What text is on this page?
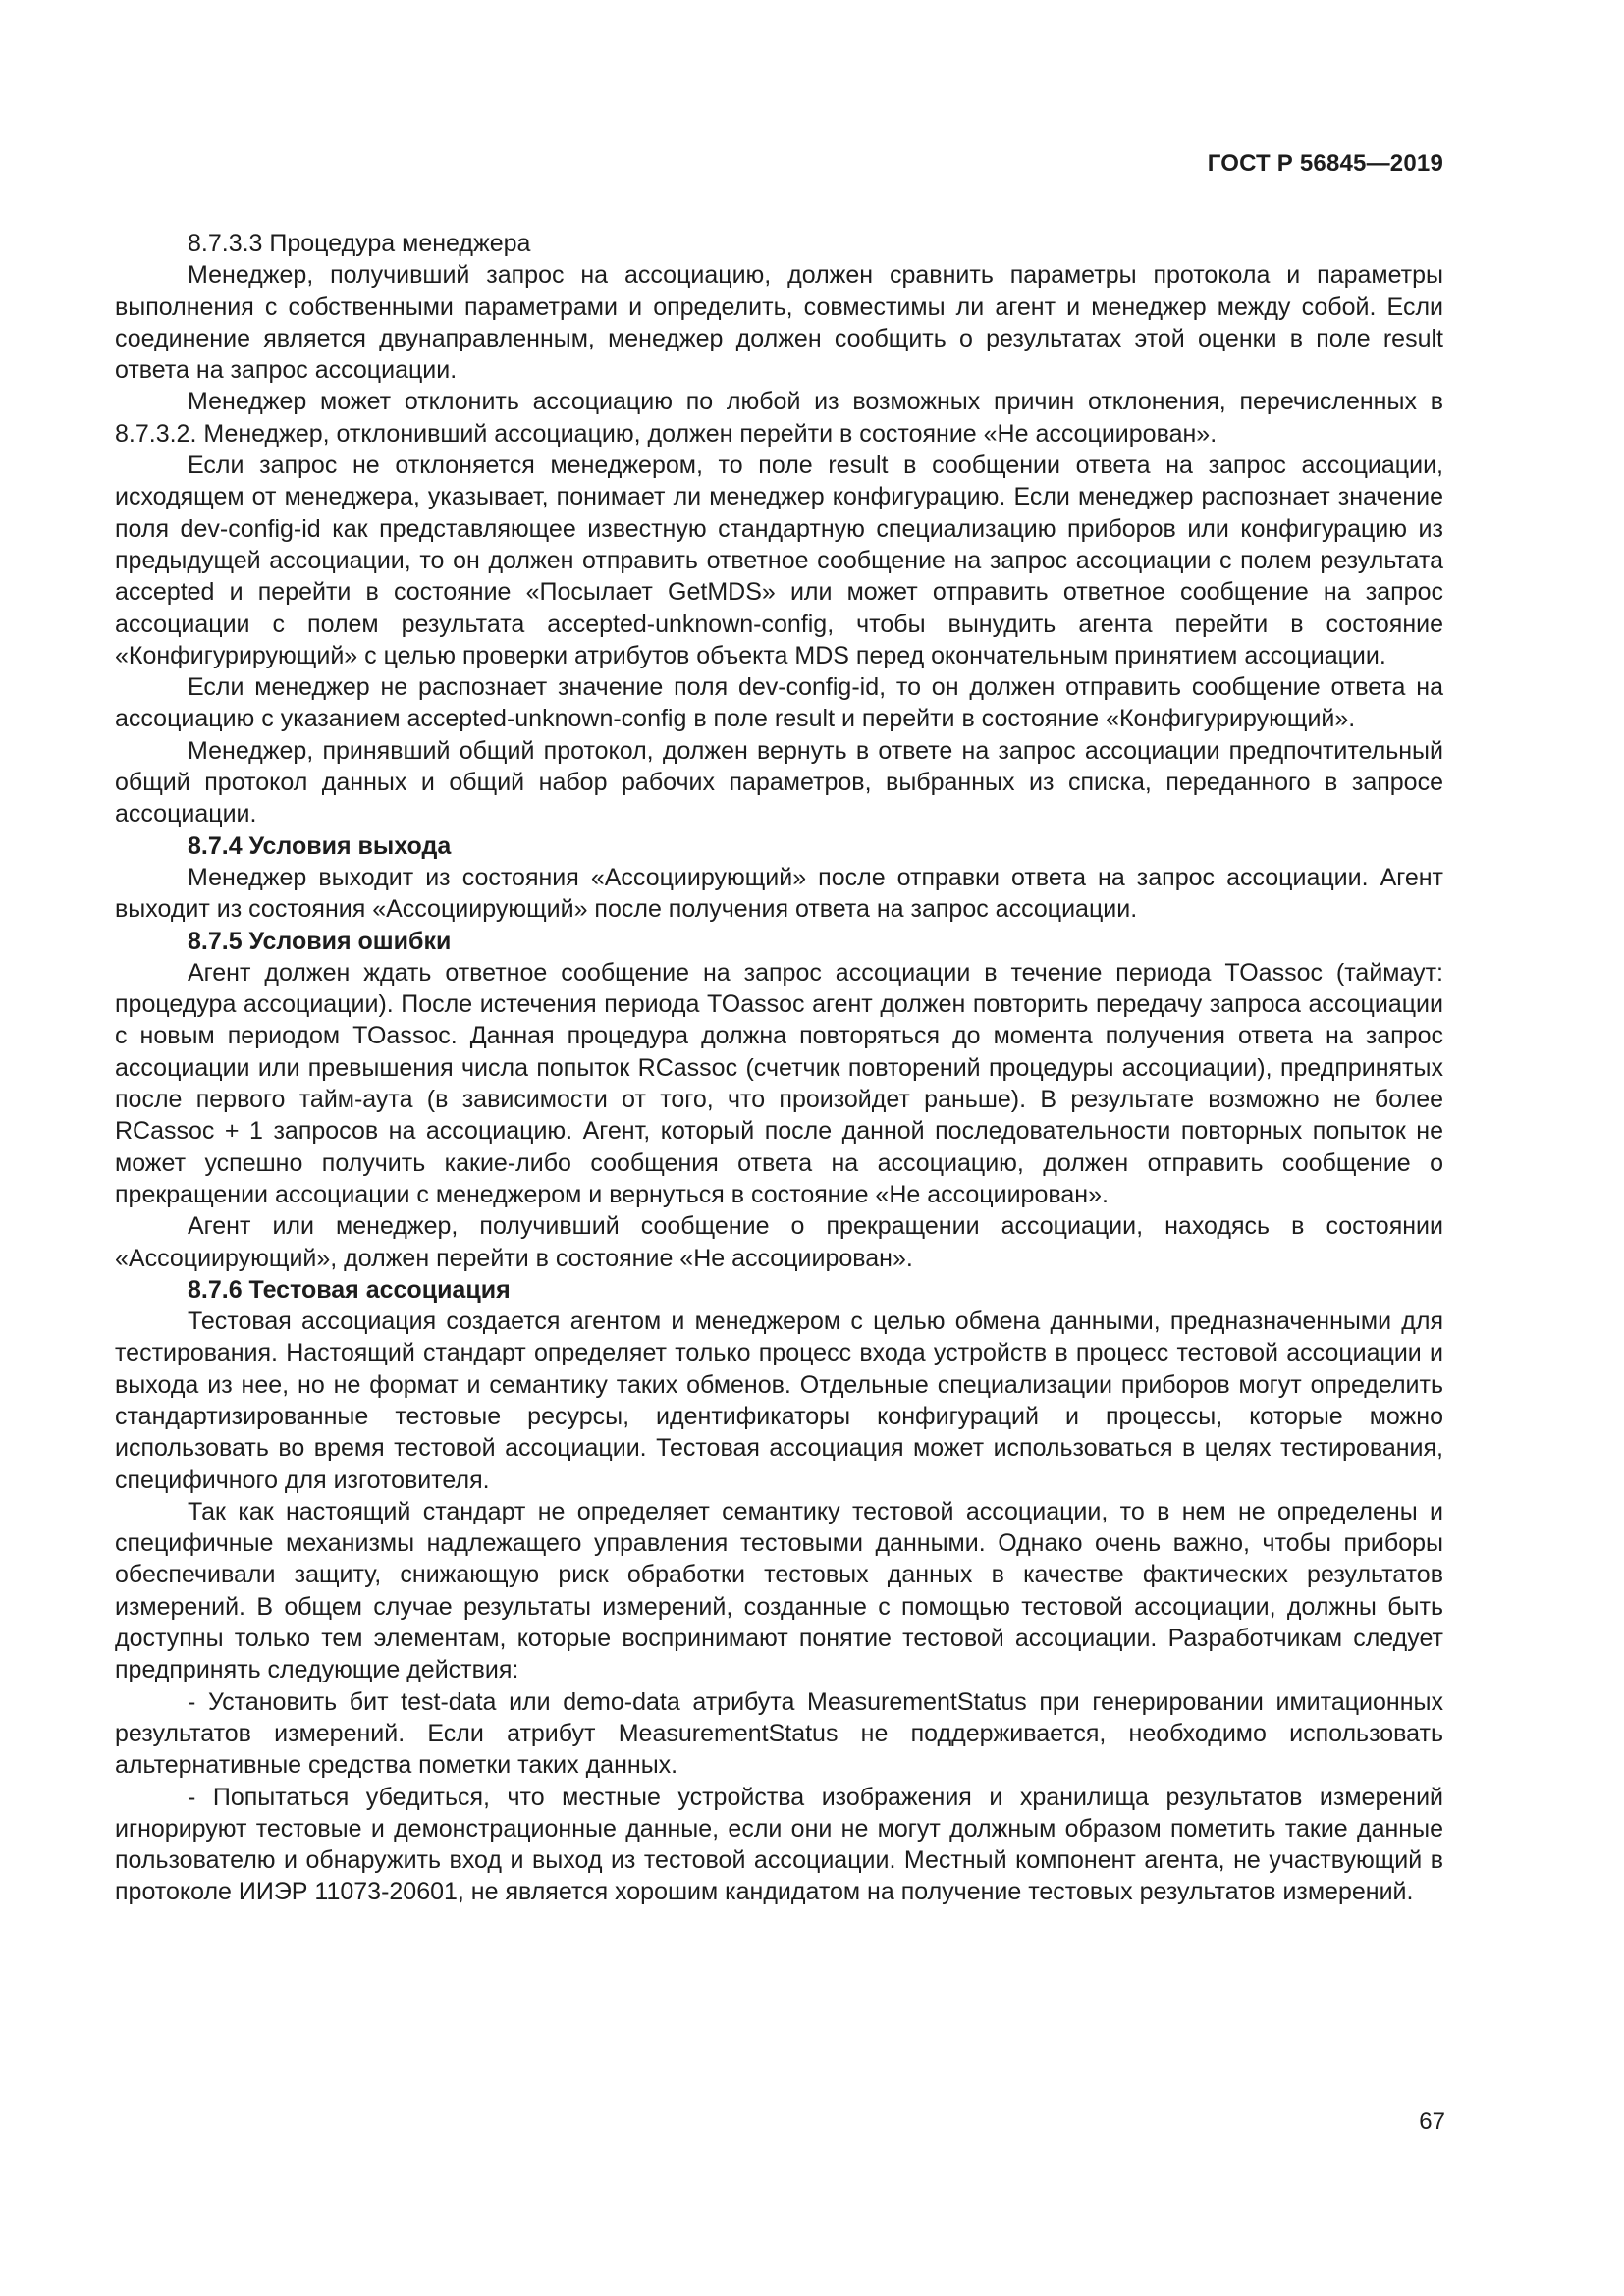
ГОСТ Р 56845—2019

8.7.3.3 Процедура менеджера

Менеджер, получивший запрос на ассоциацию, должен сравнить параметры протокола и параметры выполнения с собственными параметрами и определить, совместимы ли агент и менеджер между собой. Если соединение является двунаправленным, менеджер должен сообщить о результатах этой оценки в поле result ответа на запрос ассоциации.

Менеджер может отклонить ассоциацию по любой из возможных причин отклонения, перечисленных в 8.7.3.2. Менеджер, отклонивший ассоциацию, должен перейти в состояние «Не ассоциирован».

Если запрос не отклоняется менеджером, то поле result в сообщении ответа на запрос ассоциации, исходящем от менеджера, указывает, понимает ли менеджер конфигурацию. Если менеджер распознает значение поля dev-config-id как представляющее известную стандартную специализацию приборов или конфигурацию из предыдущей ассоциации, то он должен отправить ответное сообщение на запрос ассоциации с полем результата accepted и перейти в состояние «Посылает GetMDS» или может отправить ответное сообщение на запрос ассоциации с полем результата accepted-unknown-config, чтобы вынудить агента перейти в состояние «Конфигурирующий» с целью проверки атрибутов объекта MDS перед окончательным принятием ассоциации.

Если менеджер не распознает значение поля dev-config-id, то он должен отправить сообщение ответа на ассоциацию с указанием accepted-unknown-config в поле result и перейти в состояние «Конфигурирующий».

Менеджер, принявший общий протокол, должен вернуть в ответе на запрос ассоциации предпочтительный общий протокол данных и общий набор рабочих параметров, выбранных из списка, переданного в запросе ассоциации.

8.7.4 Условия выхода

Менеджер выходит из состояния «Ассоциирующий» после отправки ответа на запрос ассоциации. Агент выходит из состояния «Ассоциирующий» после получения ответа на запрос ассоциации.

8.7.5 Условия ошибки

Агент должен ждать ответное сообщение на запрос ассоциации в течение периода TOassoc (таймаут: процедура ассоциации). После истечения периода TOassoc агент должен повторить передачу запроса ассоциации с новым периодом TOassoc. Данная процедура должна повторяться до момента получения ответа на запрос ассоциации или превышения числа попыток RCassoc (счетчик повторений процедуры ассоциации), предпринятых после первого тайм-аута (в зависимости от того, что произойдет раньше). В результате возможно не более RCassoc + 1 запросов на ассоциацию. Агент, который после данной последовательности повторных попыток не может успешно получить какие-либо сообщения ответа на ассоциацию, должен отправить сообщение о прекращении ассоциации с менеджером и вернуться в состояние «Не ассоциирован».

Агент или менеджер, получивший сообщение о прекращении ассоциации, находясь в состоянии «Ассоциирующий», должен перейти в состояние «Не ассоциирован».

8.7.6 Тестовая ассоциация

Тестовая ассоциация создается агентом и менеджером с целью обмена данными, предназначенными для тестирования. Настоящий стандарт определяет только процесс входа устройств в процесс тестовой ассоциации и выхода из нее, но не формат и семантику таких обменов. Отдельные специализации приборов могут определить стандартизированные тестовые ресурсы, идентификаторы конфигураций и процессы, которые можно использовать во время тестовой ассоциации. Тестовая ассоциация может использоваться в целях тестирования, специфичного для изготовителя.

Так как настоящий стандарт не определяет семантику тестовой ассоциации, то в нем не определены и специфичные механизмы надлежащего управления тестовыми данными. Однако очень важно, чтобы приборы обеспечивали защиту, снижающую риск обработки тестовых данных в качестве фактических результатов измерений. В общем случае результаты измерений, созданные с помощью тестовой ассоциации, должны быть доступны только тем элементам, которые воспринимают понятие тестовой ассоциации. Разработчикам следует предпринять следующие действия:

- Установить бит test-data или demo-data атрибута MeasurementStatus при генерировании имитационных результатов измерений. Если атрибут MeasurementStatus не поддерживается, необходимо использовать альтернативные средства пометки таких данных.

- Попытаться убедиться, что местные устройства изображения и хранилища результатов измерений игнорируют тестовые и демонстрационные данные, если они не могут должным образом пометить такие данные пользователю и обнаружить вход и выход из тестовой ассоциации. Местный компонент агента, не участвующий в протоколе ИИЭР 11073-20601, не является хорошим кандидатом на получение тестовых результатов измерений.

67
